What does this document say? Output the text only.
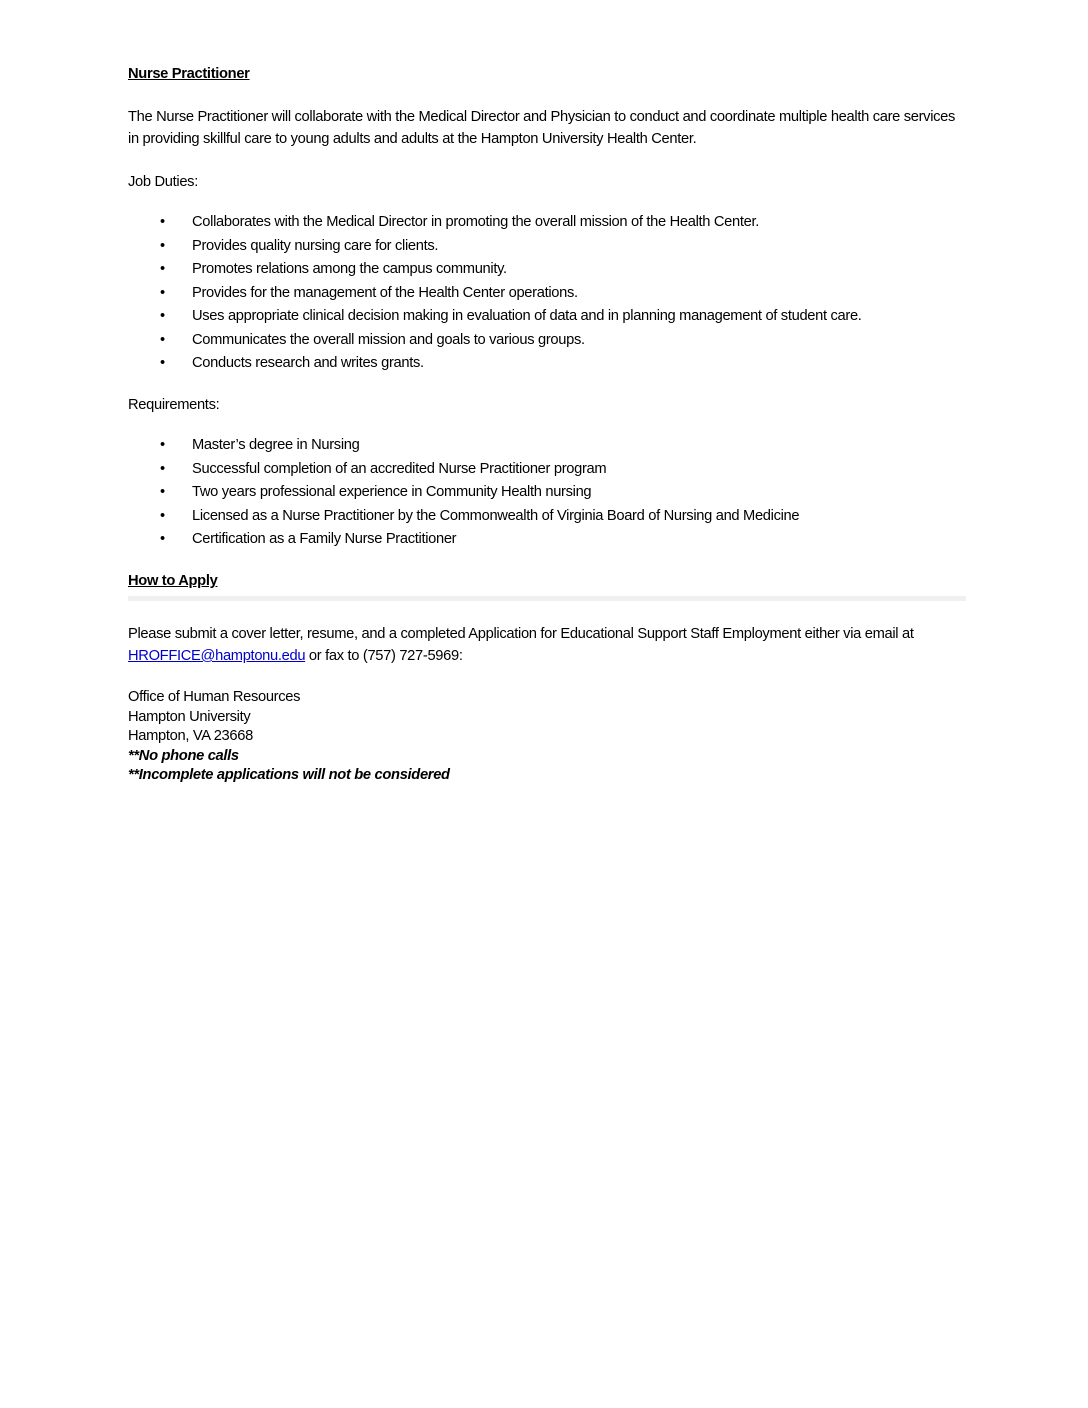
Nurse Practitioner

The Nurse Practitioner will collaborate with the Medical Director and Physician to conduct and coordinate multiple health care services in providing skillful care to young adults and adults at the Hampton University Health Center.

Job Duties:

• Collaborates with the Medical Director in promoting the overall mission of the Health Center.
• Provides quality nursing care for clients.
• Promotes relations among the campus community.
• Provides for the management of the Health Center operations.
• Uses appropriate clinical decision making in evaluation of data and in planning management of student care.
• Communicates the overall mission and goals to various groups.
• Conducts research and writes grants.

Requirements:

• Master’s degree in Nursing
• Successful completion of an accredited Nurse Practitioner program
• Two years professional experience in Community Health nursing
• Licensed as a Nurse Practitioner by the Commonwealth of Virginia Board of Nursing and Medicine
• Certification as a Family Nurse Practitioner
How to Apply

Please submit a cover letter, resume, and a completed Application for Educational Support Staff Employment either via email at HROFFICE@hamptonu.edu or fax to (757) 727-5969:

Office of Human Resources
Hampton University
Hampton, VA 23668
**No phone calls
**Incomplete applications will not be considered
